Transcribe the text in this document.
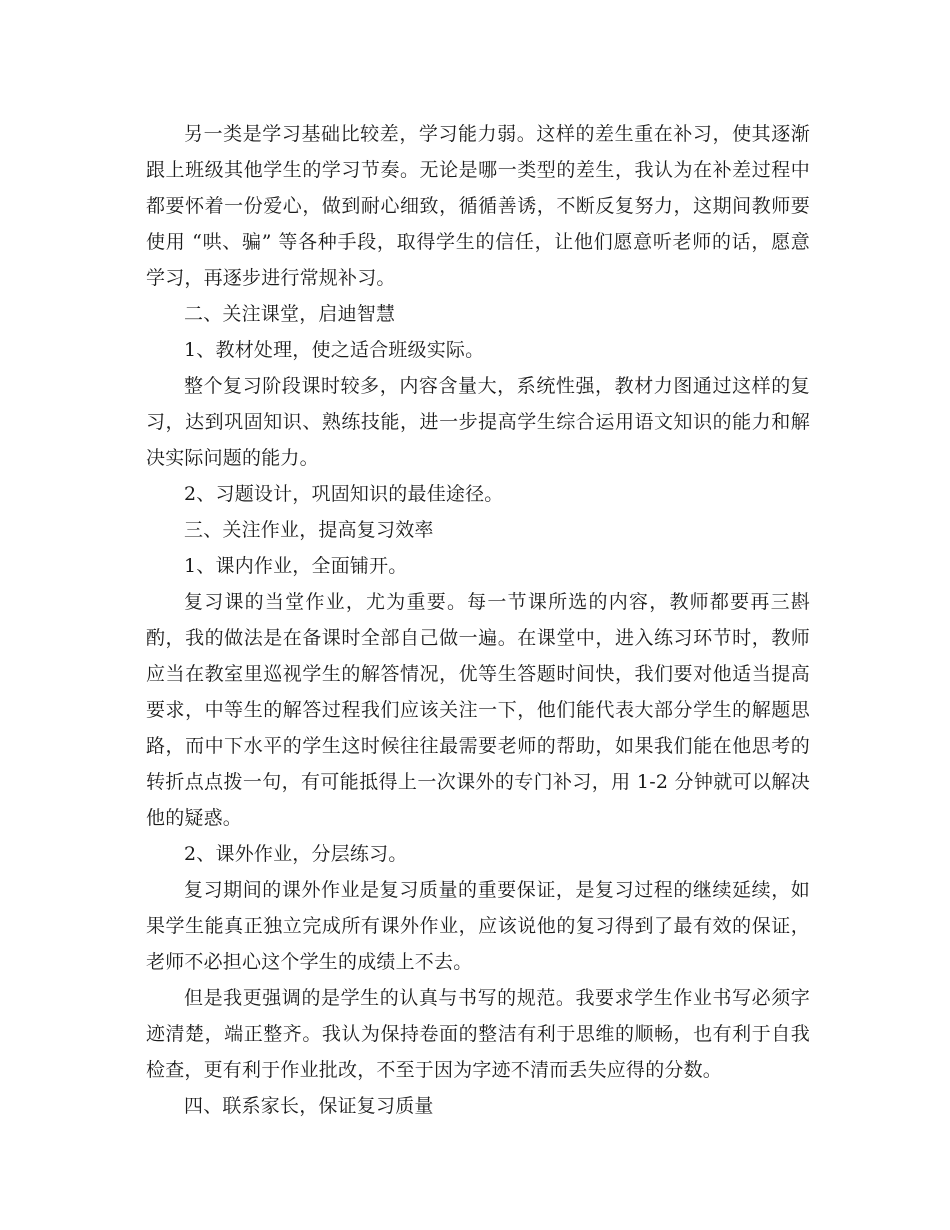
另一类是学习基础比较差，学习能力弱。这样的差生重在补习，使其逐渐跟上班级其他学生的学习节奏。无论是哪一类型的差生，我认为在补差过程中都要怀着一份爱心，做到耐心细致，循循善诱，不断反复努力，这期间教师要使用 “哄、骗” 等各种手段，取得学生的信任，让他们愿意听老师的话，愿意学习，再逐步进行常规补习。

二、关注课堂，启迪智慧

1、教材处理，使之适合班级实际。

整个复习阶段课时较多，内容含量大，系统性强，教材力图通过这样的复习，达到巩固知识、熟练技能，进一步提高学生综合运用语文知识的能力和解决实际问题的能力。

2、习题设计，巩固知识的最佳途径。

三、关注作业，提高复习效率

1、课内作业，全面铺开。

复习课的当堂作业，尤为重要。每一节课所选的内容，教师都要再三斟酌，我的做法是在备课时全部自己做一遍。在课堂中，进入练习环节时，教师应当在教室里巡视学生的解答情况，优等生答题时间快，我们要对他适当提高要求，中等生的解答过程我们应该关注一下，他们能代表大部分学生的解题思路，而中下水平的学生这时候往往最需要老师的帮助，如果我们能在他思考的转折点点拨一句，有可能抵得上一次课外的专门补习，用 1-2 分钟就可以解决他的疑惑。

2、课外作业，分层练习。

复习期间的课外作业是复习质量的重要保证，是复习过程的继续延续，如果学生能真正独立完成所有课外作业，应该说他的复习得到了最有效的保证，老师不必担心这个学生的成绩上不去。

但是我更强调的是学生的认真与书写的规范。我要求学生作业书写必须字迹清楚，端正整齐。我认为保持卷面的整洁有利于思维的顺畅，也有利于自我检查，更有利于作业批改，不至于因为字迹不清而丢失应得的分数。

四、联系家长，保证复习质量
